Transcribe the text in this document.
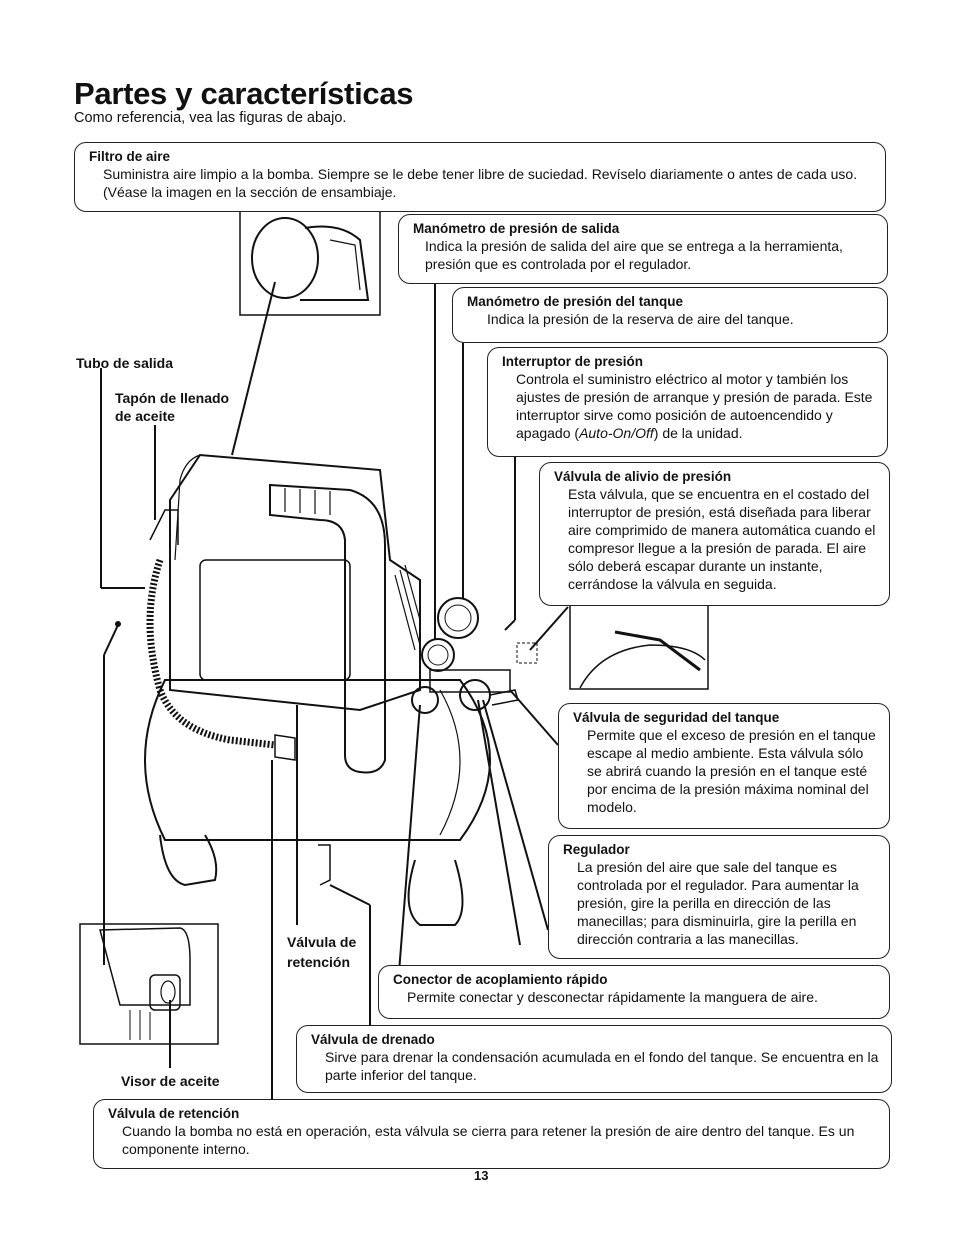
Partes y características
Como referencia, vea las figuras de abajo.
Filtro de aire

Suministra aire limpio a la bomba. Siempre se le debe tener libre de suciedad. Revíselo diariamente o antes de cada uso. (Véase la imagen en la sección de ensambiaje.

Manómetro de presión de salida

Indica la presión de salida del aire que se entrega a la herramienta, presión que es controlada por el regulador.

Manómetro de presión del tanque

Indica la presión de la reserva de aire del tanque.

Interruptor de presión

Controla el suministro eléctrico al motor y también los ajustes de presión de arranque y presión de parada. Este interruptor sirve como posición de autoencendido y apagado (Auto-On/Off) de la unidad.

Válvula de alivio de presión

Esta válvula, que se encuentra en el costado del interruptor de presión, está diseñada para liberar aire comprimido de manera automática cuando el compresor llegue a la presión de parada. El aire sólo deberá escapar durante un instante, cerrándose la válvula en seguida.

Válvula de seguridad del tanque

Permite que el exceso de presión en el tanque escape al medio ambiente. Esta válvula sólo se abrirá cuando la presión en el tanque esté por encima de la presión máxima nominal del modelo.

Regulador

La presión del aire que sale del tanque es controlada por el regulador. Para aumentar la presión, gire la perilla en dirección de las manecillas; para disminuirla, gire la perilla en dirección contraria a las manecillas.

Conector de acoplamiento rápido

Permite conectar y desconectar rápidamente la manguera de aire.

Válvula de drenado

Sirve para drenar la condensación acumulada en el fondo del tanque. Se encuentra en la parte inferior del tanque.

Válvula de retención

Cuando la bomba no está en operación, esta válvula se cierra para retener la presión de aire dentro del tanque. Es un componente interno.

Tubo de salida
Tapón de llenado
de aceite
Válvula de
retención
Visor de aceite
13
